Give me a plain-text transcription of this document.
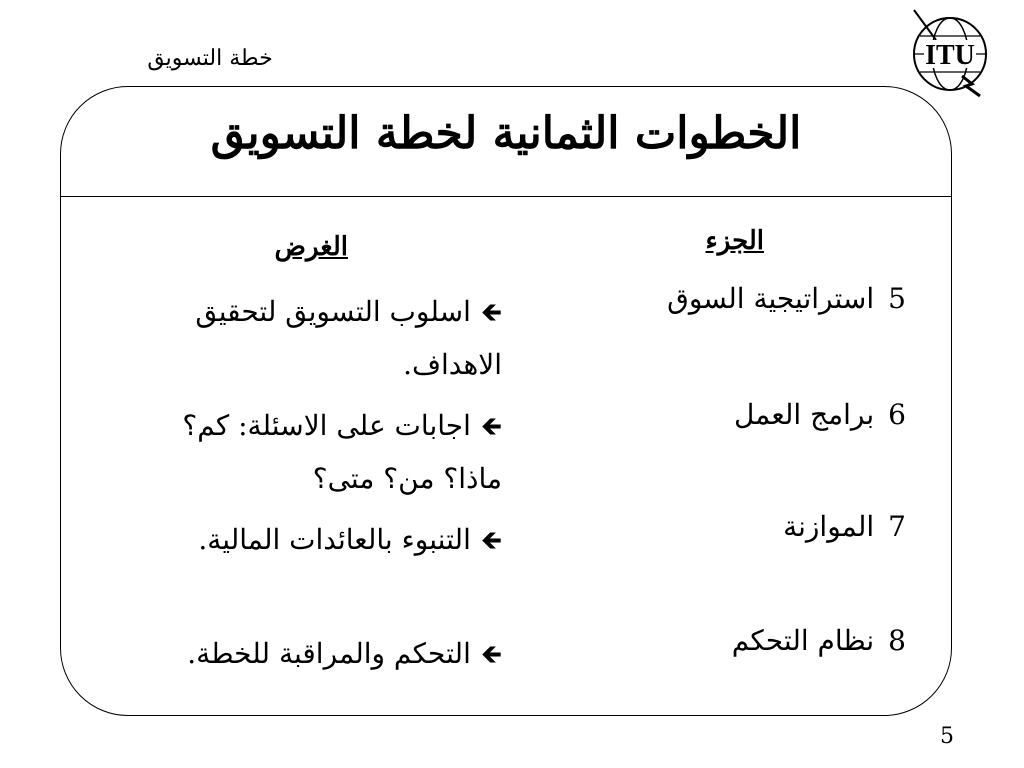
خطة التسويق	ITU
الخطوات الثمانية لخطة التسويق
الجزء
الغرض
5استراتيجية السوق
6برامج العمل
7الموازنة
8نظام التحكم
🡸اسلوب التسويق لتحقيق الاهداف.
🡸اجابات على الاسئلة: كم؟ ماذا؟ من؟ متى؟
🡸التنبوء بالعائدات المالية.
🡸التحكم والمراقبة للخطة.
5
